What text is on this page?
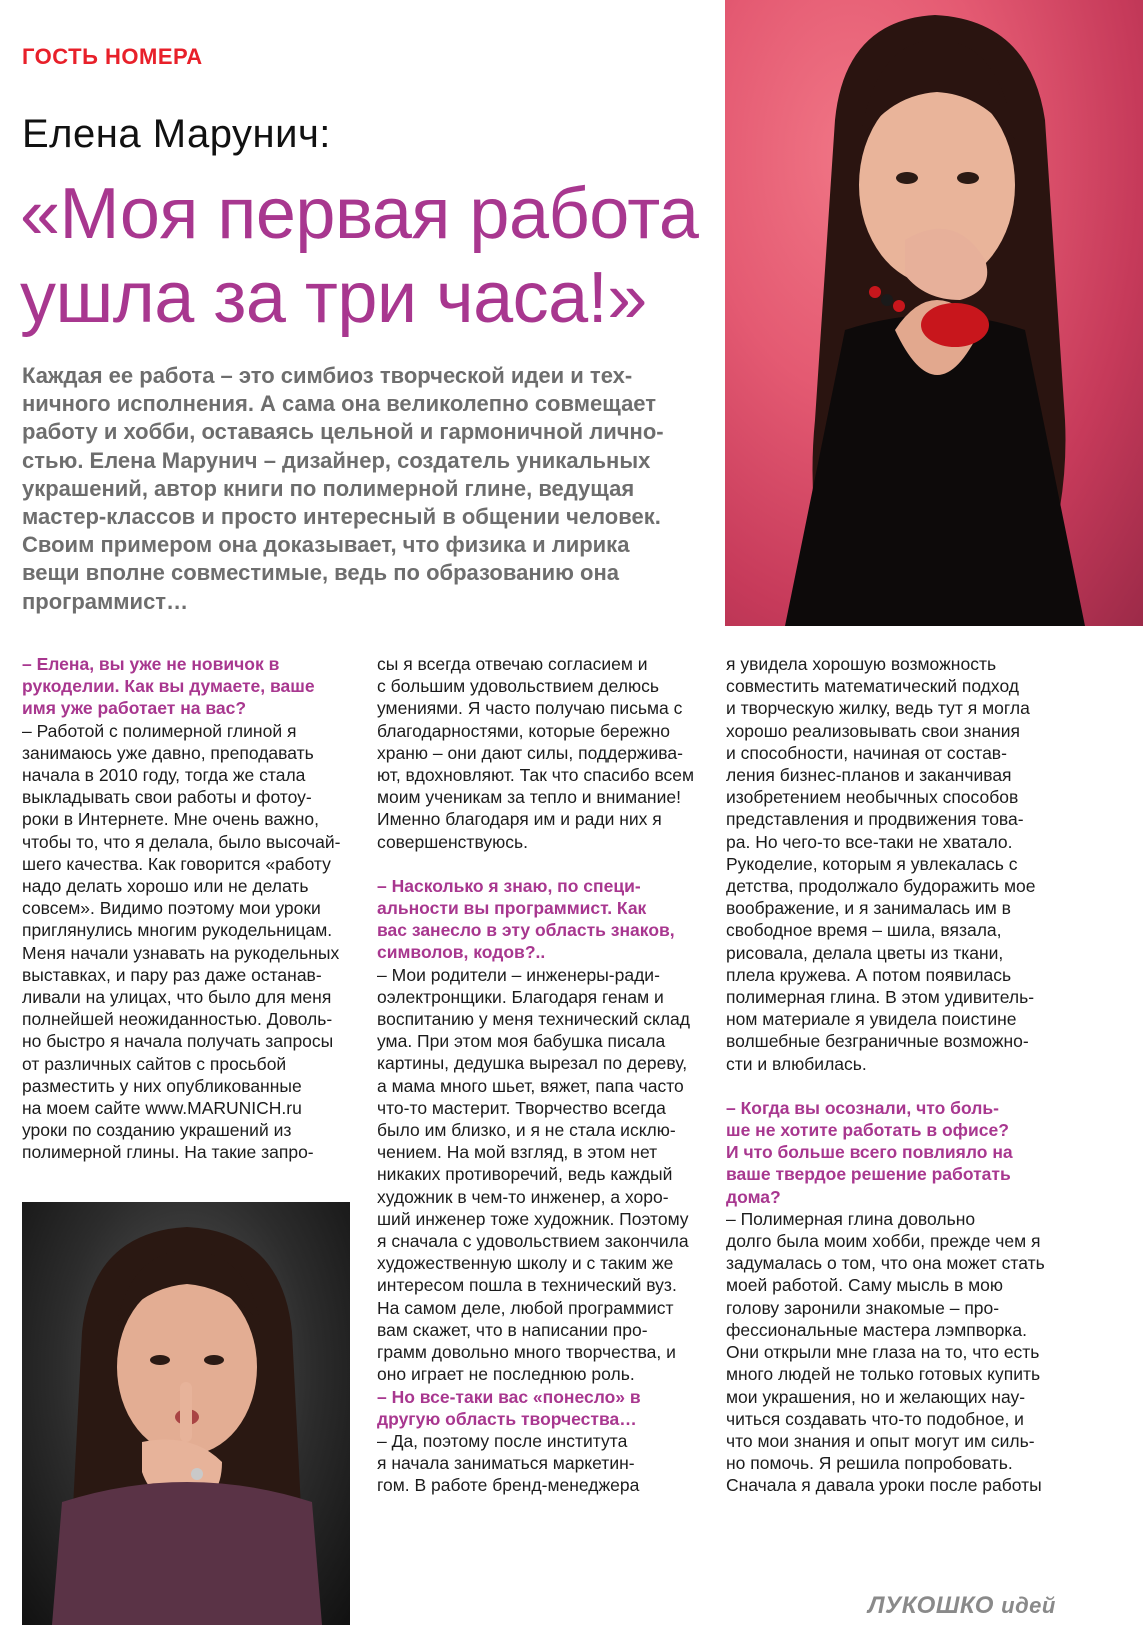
ГОСТЬ НОМЕРА
Елена Марунич:
«Моя первая работа
ушла за три часа!»
Каждая ее работа – это симбиоз творческой идеи и тех-
ничного исполнения. А сама она великолепно совмещает
работу и хобби, оставаясь цельной и гармоничной лично-
стью. Елена Марунич – дизайнер, создатель уникальных
украшений, автор книги по полимерной глине, ведущая
мастер-классов и просто интересный в общении человек.
Своим примером она доказывает, что физика и лирика
вещи вполне совместимые, ведь по образованию она
программист…
– Елена, вы уже не новичок в
рукоделии. Как вы думаете, ваше
имя уже работает на вас?
– Работой с полимерной глиной я
занимаюсь уже давно, преподавать
начала в 2010 году, тогда же стала
выкладывать свои работы и фотоу-
роки в Интернете. Мне очень важно,
чтобы то, что я делала, было высочай-
шего качества. Как говорится «работу
надо делать хорошо или не делать
совсем». Видимо поэтому мои уроки
приглянулись многим рукодельницам.
Меня начали узнавать на рукодельных
выставках, и пару раз даже останав-
ливали на улицах, что было для меня
полнейшей неожиданностью. Доволь-
но быстро я начала получать запросы
от различных сайтов с просьбой
разместить у них опубликованные
на моем сайте www.MARUNICH.ru
уроки по созданию украшений из
полимерной глины. На такие запро-
сы я всегда отвечаю согласием и
с большим удовольствием делюсь
умениями. Я часто получаю письма с
благодарностями, которые бережно
храню – они дают силы, поддержива-
ют, вдохновляют. Так что спасибо всем
моим ученикам за тепло и внимание!
Именно благодаря им и ради них я
совершенствуюсь.
– Насколько я знаю, по специ-
альности вы программист. Как
вас занесло в эту область знаков,
символов, кодов?..
– Мои родители – инженеры-ради-
оэлектронщики. Благодаря генам и
воспитанию у меня технический склад
ума. При этом моя бабушка писала
картины, дедушка вырезал по дереву,
а мама много шьет, вяжет, папа часто
что-то мастерит. Творчество всегда
было им близко, и я не стала исклю-
чением. На мой взгляд, в этом нет
никаких противоречий, ведь каждый
художник в чем-то инженер, а хоро-
ший инженер тоже художник. Поэтому
я сначала с удовольствием закончила
художественную школу и с таким же
интересом пошла в технический вуз.
На самом деле, любой программист
вам скажет, что в написании про-
грамм довольно много творчества, и
оно играет не последнюю роль.
– Но все-таки вас «понесло» в
другую область творчества…
– Да, поэтому после института
я начала заниматься маркетин-
гом. В работе бренд-менеджера
я увидела хорошую возможность
совместить математический подход
и творческую жилку, ведь тут я могла
хорошо реализовывать свои знания
и способности, начиная от состав-
ления бизнес-планов и заканчивая
изобретением необычных способов
представления и продвижения това-
ра. Но чего-то все-таки не хватало.
Рукоделие, которым я увлекалась с
детства, продолжало будоражить мое
воображение, и я занималась им в
свободное время – шила, вязала,
рисовала, делала цветы из ткани,
плела кружева. А потом появилась
полимерная глина. В этом удивитель-
ном материале я увидела поистине
волшебные безграничные возможно-
сти и влюбилась.
– Когда вы осознали, что боль-
ше не хотите работать в офисе?
И что больше всего повлияло на
ваше твердое решение работать
дома?
– Полимерная глина довольно
долго была моим хобби, прежде чем я
задумалась о том, что она может стать
моей работой. Саму мысль в мою
голову заронили знакомые – про-
фессиональные мастера лэмпворка.
Они открыли мне глаза на то, что есть
много людей не только готовых купить
мои украшения, но и желающих нау-
читься создавать что-то подобное, и
что мои знания и опыт могут им силь-
но помочь. Я решила попробовать.
Сначала я давала уроки после работы
ЛУКОШКО идей
